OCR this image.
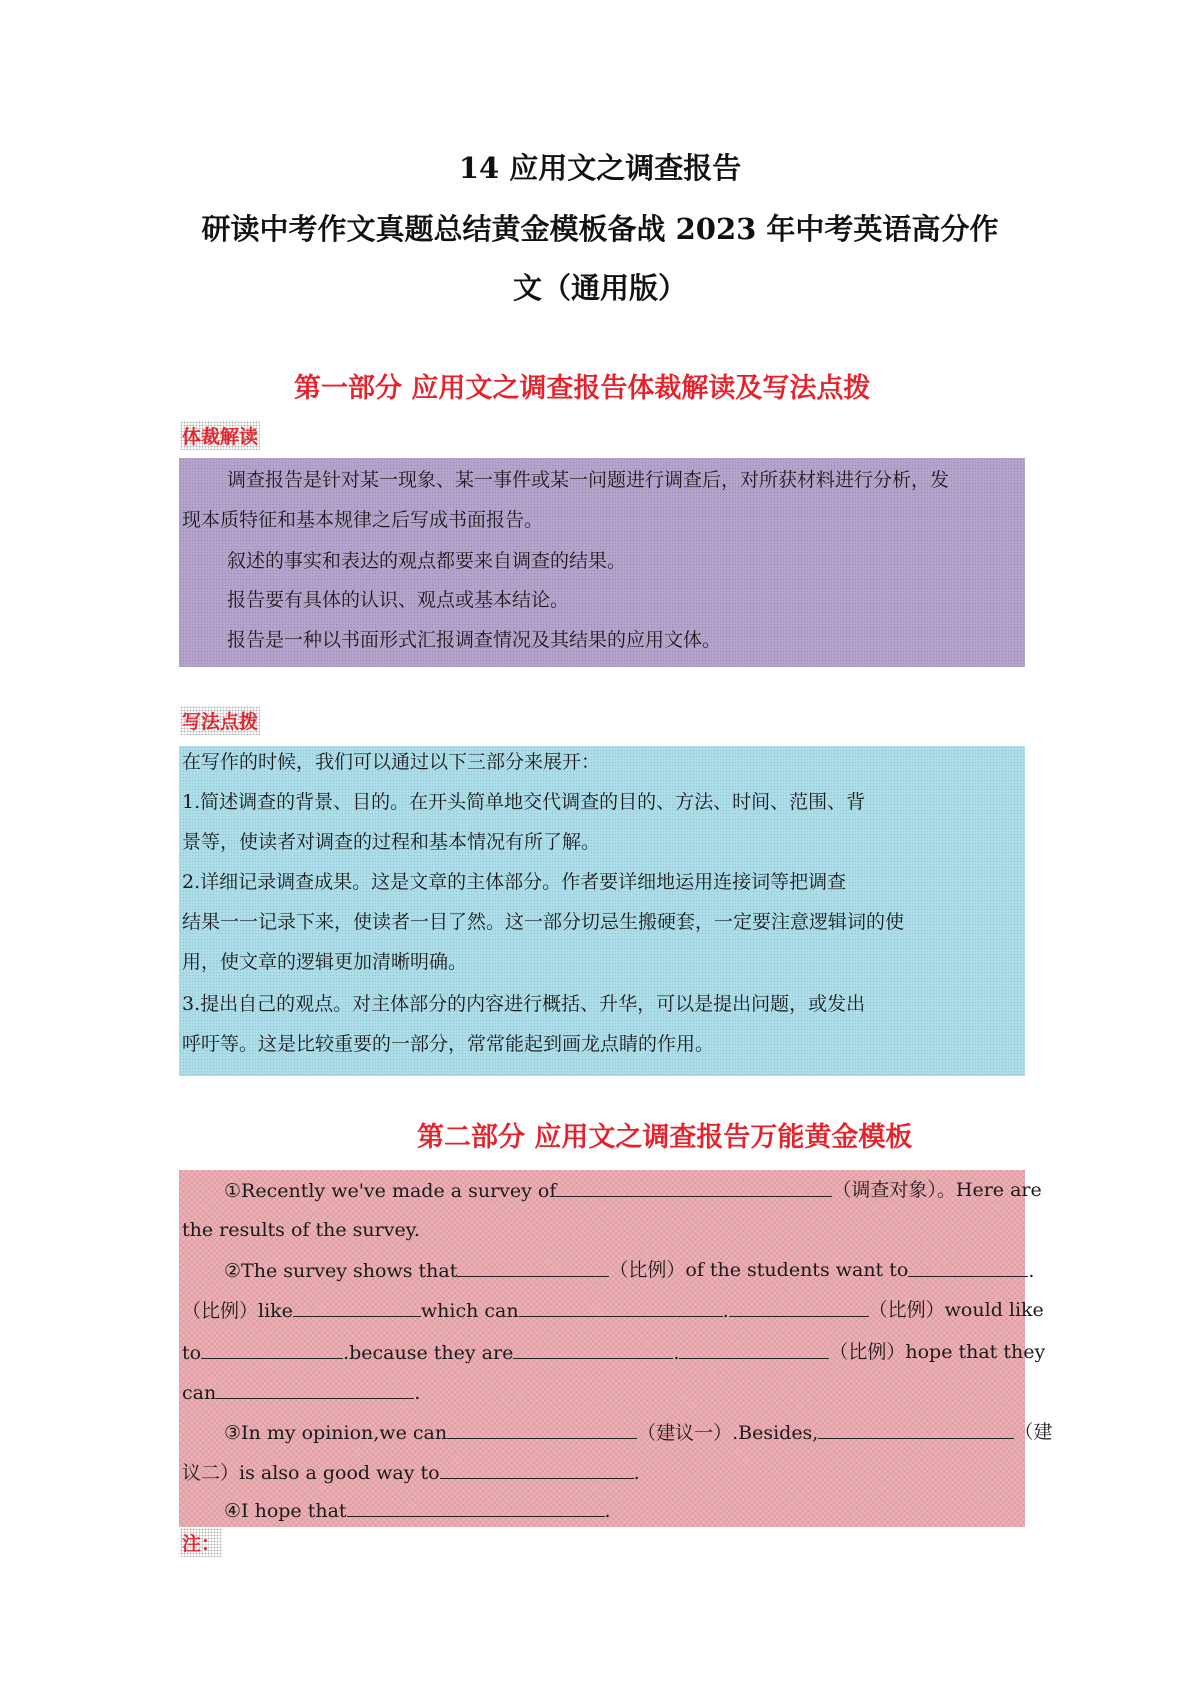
14 应用文之调查报告
研读中考作文真题总结黄金模板备战 2023 年中考英语高分作
文（通用版）
第一部分 应用文之调查报告体裁解读及写法点拨
体裁解读
调查报告是针对某一现象、某一事件或某一问题进行调查后，对所获材料进行分析，发
现本质特征和基本规律之后写成书面报告。
叙述的事实和表达的观点都要来自调查的结果。
报告要有具体的认识、观点或基本结论。
报告是一种以书面形式汇报调查情况及其结果的应用文体。
写法点拨
在写作的时候，我们可以通过以下三部分来展开：
1.简述调查的背景、目的。在开头简单地交代调查的目的、方法、时间、范围、背
景等，使读者对调查的过程和基本情况有所了解。
2.详细记录调查成果。这是文章的主体部分。作者要详细地运用连接词等把调查
结果一一记录下来，使读者一目了然。这一部分切忌生搬硬套，一定要注意逻辑词的使
用，使文章的逻辑更加清晰明确。
3.提出自己的观点。对主体部分的内容进行概括、升华，可以是提出问题，或发出
呼吁等。这是比较重要的一部分，常常能起到画龙点睛的作用。
第二部分 应用文之调查报告万能黄金模板
①Recently we've made a survey of	（调查对象）。Here are
the results of the survey.
②The survey shows that	（比例）of the students want to	.
（比例）like	which can	.	（比例）would like
to	.because they are	.	（比例）hope that they
can	.
③In my opinion,we can	（建议一）.Besides,	（建
议二）is also a good way to	.
④I hope that	.
注：
